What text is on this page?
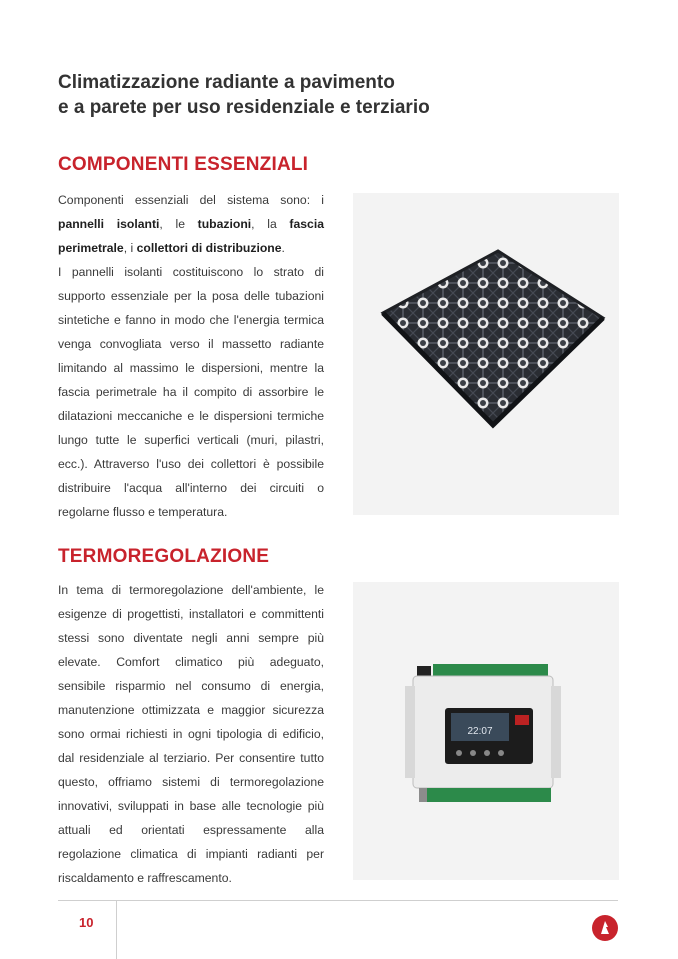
Climatizzazione radiante a pavimento
e a parete per uso residenziale e terziario
COMPONENTI ESSENZIALI

Componenti essenziali del sistema sono: i pannelli isolanti, le tubazioni, la fascia perimetrale, i collettori di distribuzione.
I pannelli isolanti costituiscono lo strato di supporto essenziale per la posa delle tubazioni sintetiche e fanno in modo che l'energia termica venga convogliata verso il massetto radiante limitando al massimo le dispersioni, mentre la fascia perimetrale ha il compito di assorbire le dilatazioni meccaniche e le dispersioni termiche lungo tutte le superfici verticali (muri, pilastri, ecc.). Attraverso l'uso dei collettori è possibile distribuire l'acqua all'interno dei circuiti o regolarne flusso e temperatura.

TERMOREGOLAZIONE

In tema di termoregolazione dell'ambiente, le esigenze di progettisti, installatori e committenti stessi sono diventate negli anni sempre più elevate. Comfort climatico più adeguato, sensibile risparmio nel consumo di energia, manutenzione ottimizzata e maggior sicurezza sono ormai richiesti in ogni tipologia di edificio, dal residenziale al terziario. Per consentire tutto questo, offriamo sistemi di termoregolazione innovativi, sviluppati in base alle tecnologie più attuali ed orientati espressamente alla regolazione climatica di impianti radianti per riscaldamento e raffrescamento.

22:07
10
